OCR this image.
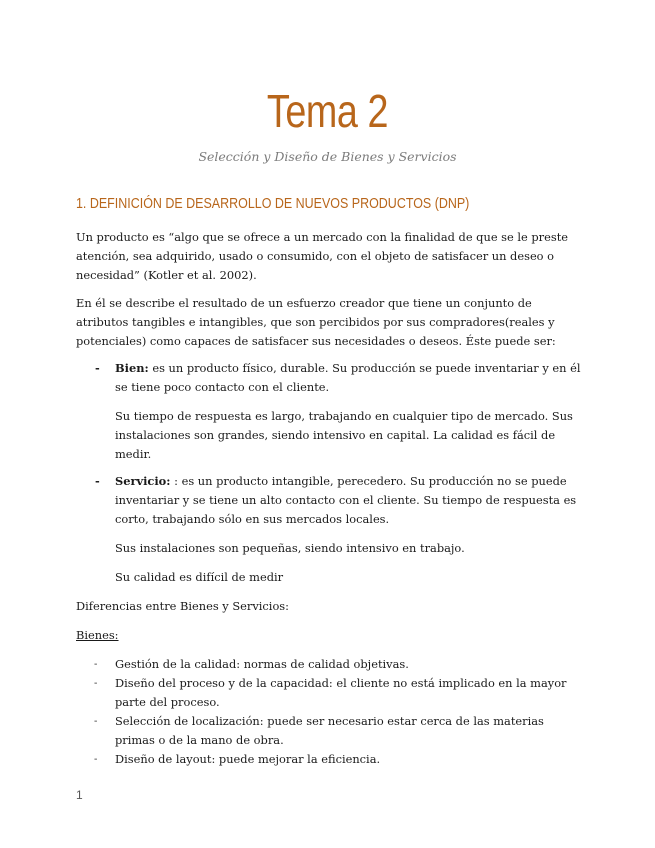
Tema 2
Selección y Diseño de Bienes y Servicios
1. DEFINICIÓN DE DESARROLLO DE NUEVOS PRODUCTOS (DNP)

Un producto es “algo que se ofrece a un mercado con la finalidad de que se le preste atención, sea adquirido, usado o consumido, con el objeto de satisfacer un deseo o necesidad” (Kotler et al. 2002).

En él se describe el resultado de un esfuerzo creador que tiene un conjunto de atributos tangibles e intangibles, que son percibidos por sus compradores(reales y potenciales) como capaces de satisfacer sus necesidades o deseos. Éste puede ser:

- Bien: es un producto físico, durable. Su producción se puede inventariar y en él se tiene poco contacto con el cliente.

Su tiempo de respuesta es largo, trabajando en cualquier tipo de mercado. Sus instalaciones son grandes, siendo intensivo en capital. La calidad es fácil de medir.

- Servicio: : es un producto intangible, perecedero. Su producción no se puede inventariar y se tiene un alto contacto con el cliente. Su tiempo de respuesta es corto, trabajando sólo en sus mercados locales.

Sus instalaciones son pequeñas, siendo intensivo en trabajo.

Su calidad es difícil de medir

Diferencias entre Bienes y Servicios:

Bienes:

- Gestión de la calidad: normas de calidad objetivas.

- Diseño del proceso y de la capacidad: el cliente no está implicado en la mayor parte del proceso.

- Selección de localización: puede ser necesario estar cerca de las materias primas o de la mano de obra.

- Diseño de layout: puede mejorar la eficiencia.

1
